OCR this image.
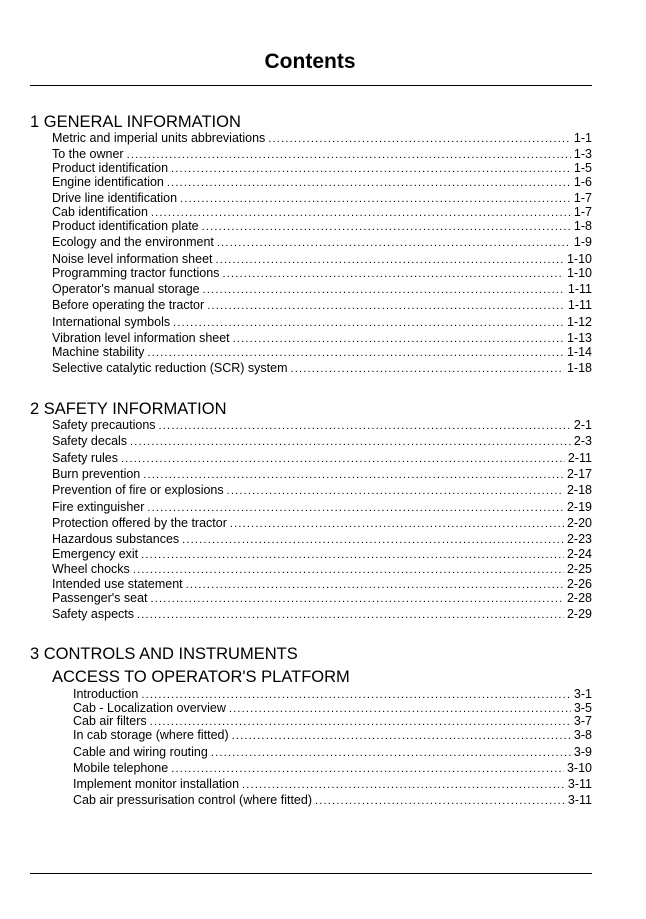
Contents
1 GENERAL INFORMATION
2 SAFETY INFORMATION
3 CONTROLS AND INSTRUMENTS
ACCESS TO OPERATOR'S PLATFORM
Metric and imperial units abbreviations .....	1-1
To the owner .....	1-3
Product identification .....	1-5
Engine identification .....	1-6
Drive line identification .....	1-7
Cab identification .....	1-7
Product identification plate .....	1-8
Ecology and the environment .....	1-9
Noise level information sheet .....	1-10
Programming tractor functions .....	1-10
Operator's manual storage .....	1-11
Before operating the tractor .....	1-11
International symbols .....	1-12
Vibration level information sheet .....	1-13
Machine stability .....	1-14
Selective catalytic reduction (SCR) system .....	1-18
Safety precautions .....	2-1
Safety decals .....	2-3
Safety rules .....	2-11
Burn prevention .....	2-17
Prevention of fire or explosions .....	2-18
Fire extinguisher .....	2-19
Protection offered by the tractor .....	2-20
Hazardous substances .....	2-23
Emergency exit .....	2-24
Wheel chocks .....	2-25
Intended use statement .....	2-26
Passenger's seat .....	2-28
Safety aspects .....	2-29
Introduction .....	3-1
Cab - Localization overview .....	3-5
Cab air filters .....	3-7
In cab storage (where fitted) .....	3-8
Cable and wiring routing .....	3-9
Mobile telephone .....	3-10
Implement monitor installation .....	3-11
Cab air pressurisation control (where fitted) .....	3-11
